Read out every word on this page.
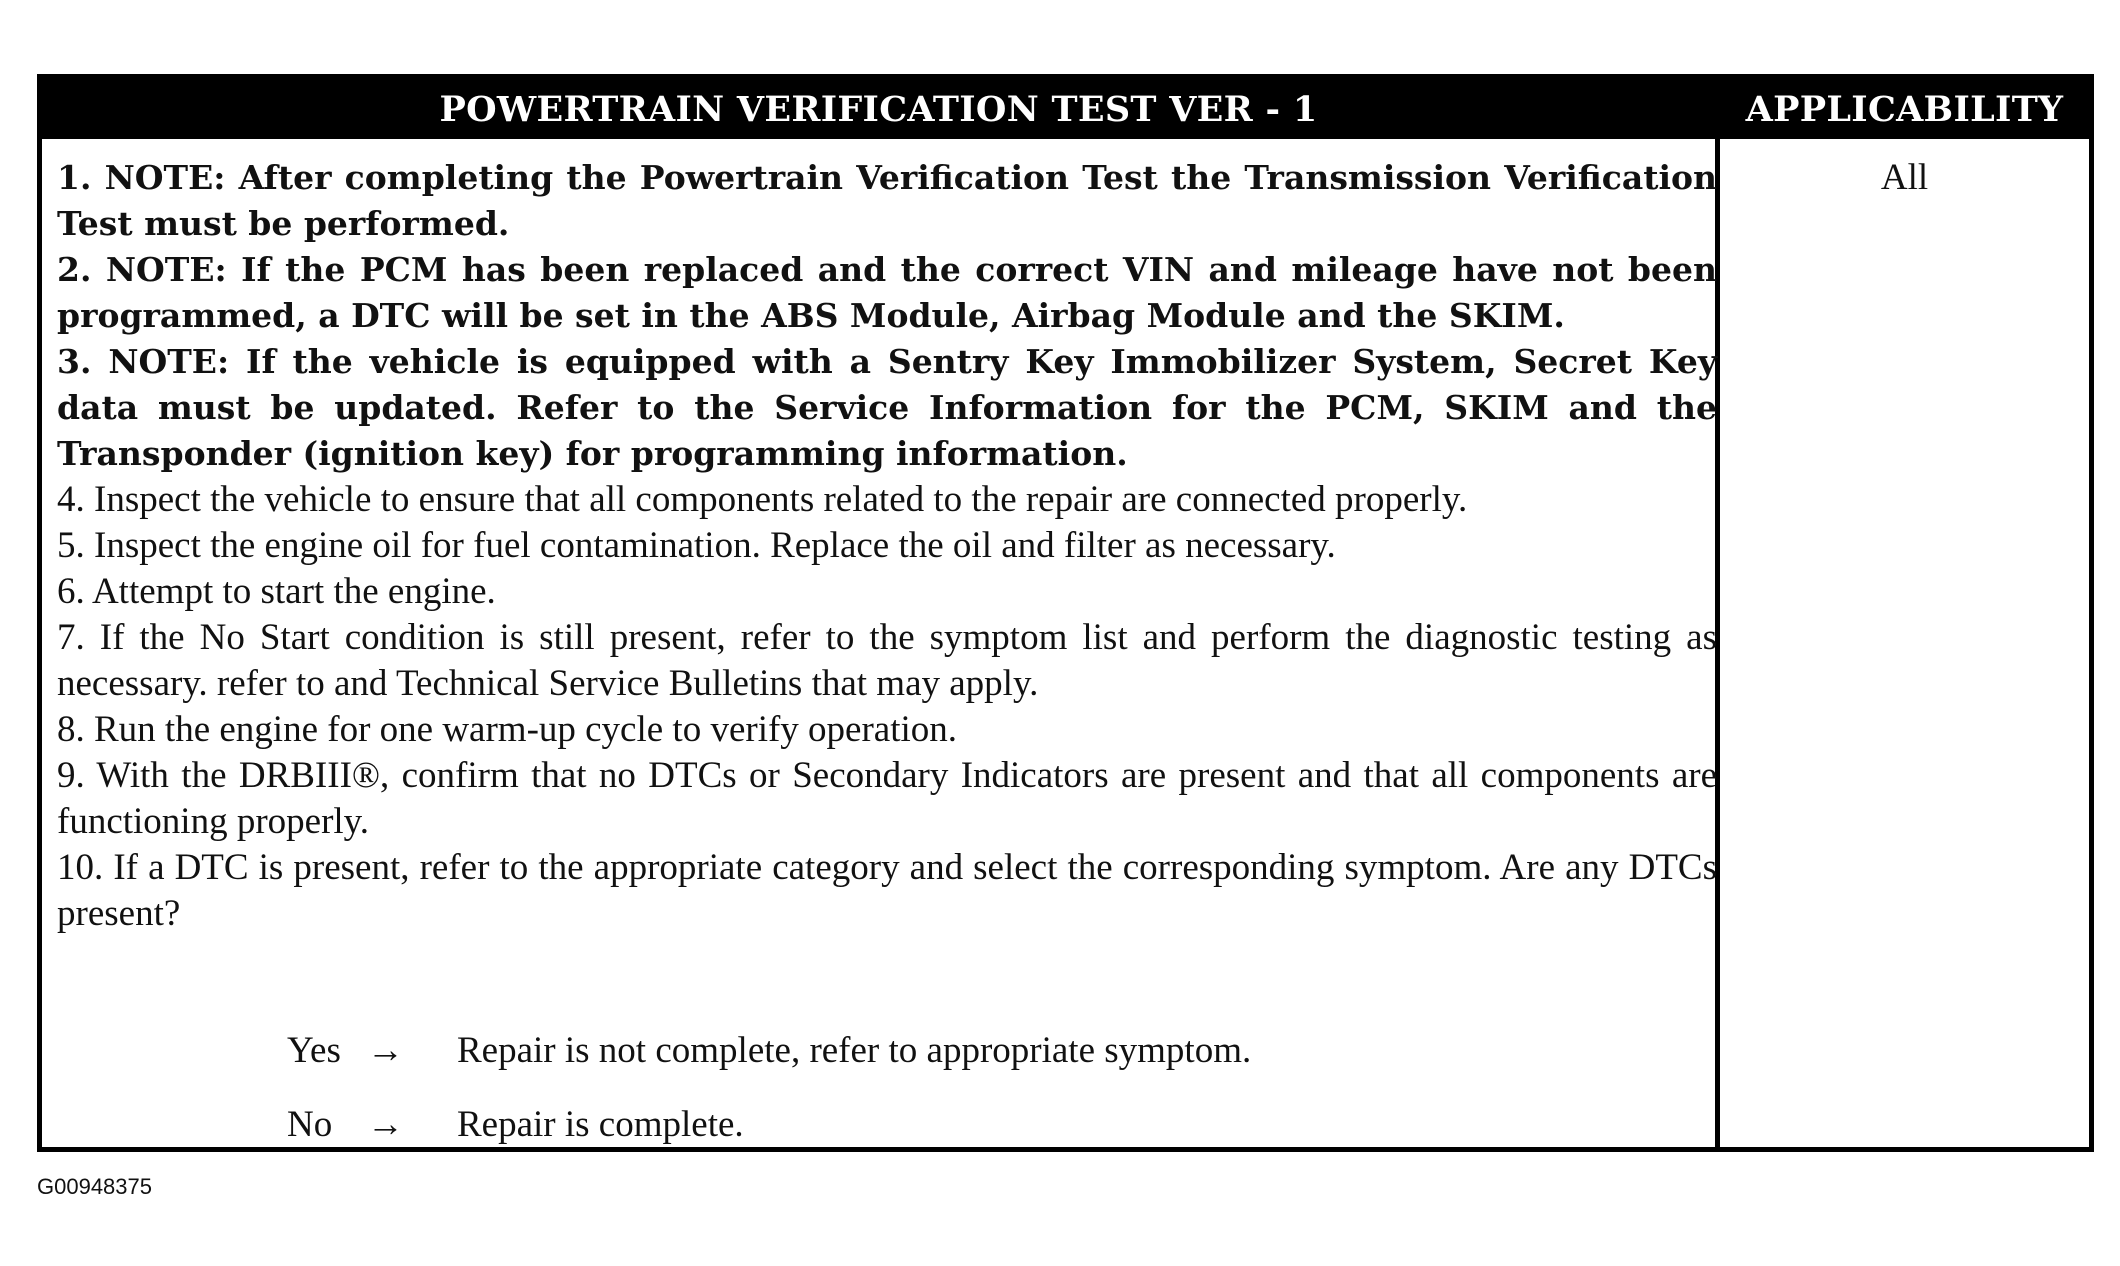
POWERTRAIN VERIFICATION TEST VER - 1	APPLICABILITY
1. NOTE: After completing the Powertrain Verification Test the Transmission Verification Test must be performed.
2. NOTE: If the PCM has been replaced and the correct VIN and mileage have not been programmed, a DTC will be set in the ABS Module, Airbag Module and the SKIM.
3. NOTE: If the vehicle is equipped with a Sentry Key Immobilizer System, Secret Key data must be updated. Refer to the Service Information for the PCM, SKIM and the Transponder (ignition key) for programming information.
4. Inspect the vehicle to ensure that all components related to the repair are connected properly.
5. Inspect the engine oil for fuel contamination. Replace the oil and filter as necessary.
6. Attempt to start the engine.
7. If the No Start condition is still present, refer to the symptom list and perform the diagnostic testing as necessary. refer to and Technical Service Bulletins that may apply.
8. Run the engine for one warm-up cycle to verify operation.
9. With the DRBIII®, confirm that no DTCs or Secondary Indicators are present and that all components are functioning properly.
10. If a DTC is present, refer to the appropriate category and select the corresponding symptom. Are any DTCs present?
Yes →	Repair is not complete, refer to appropriate symptom.
No →	Repair is complete.
All
G00948375
